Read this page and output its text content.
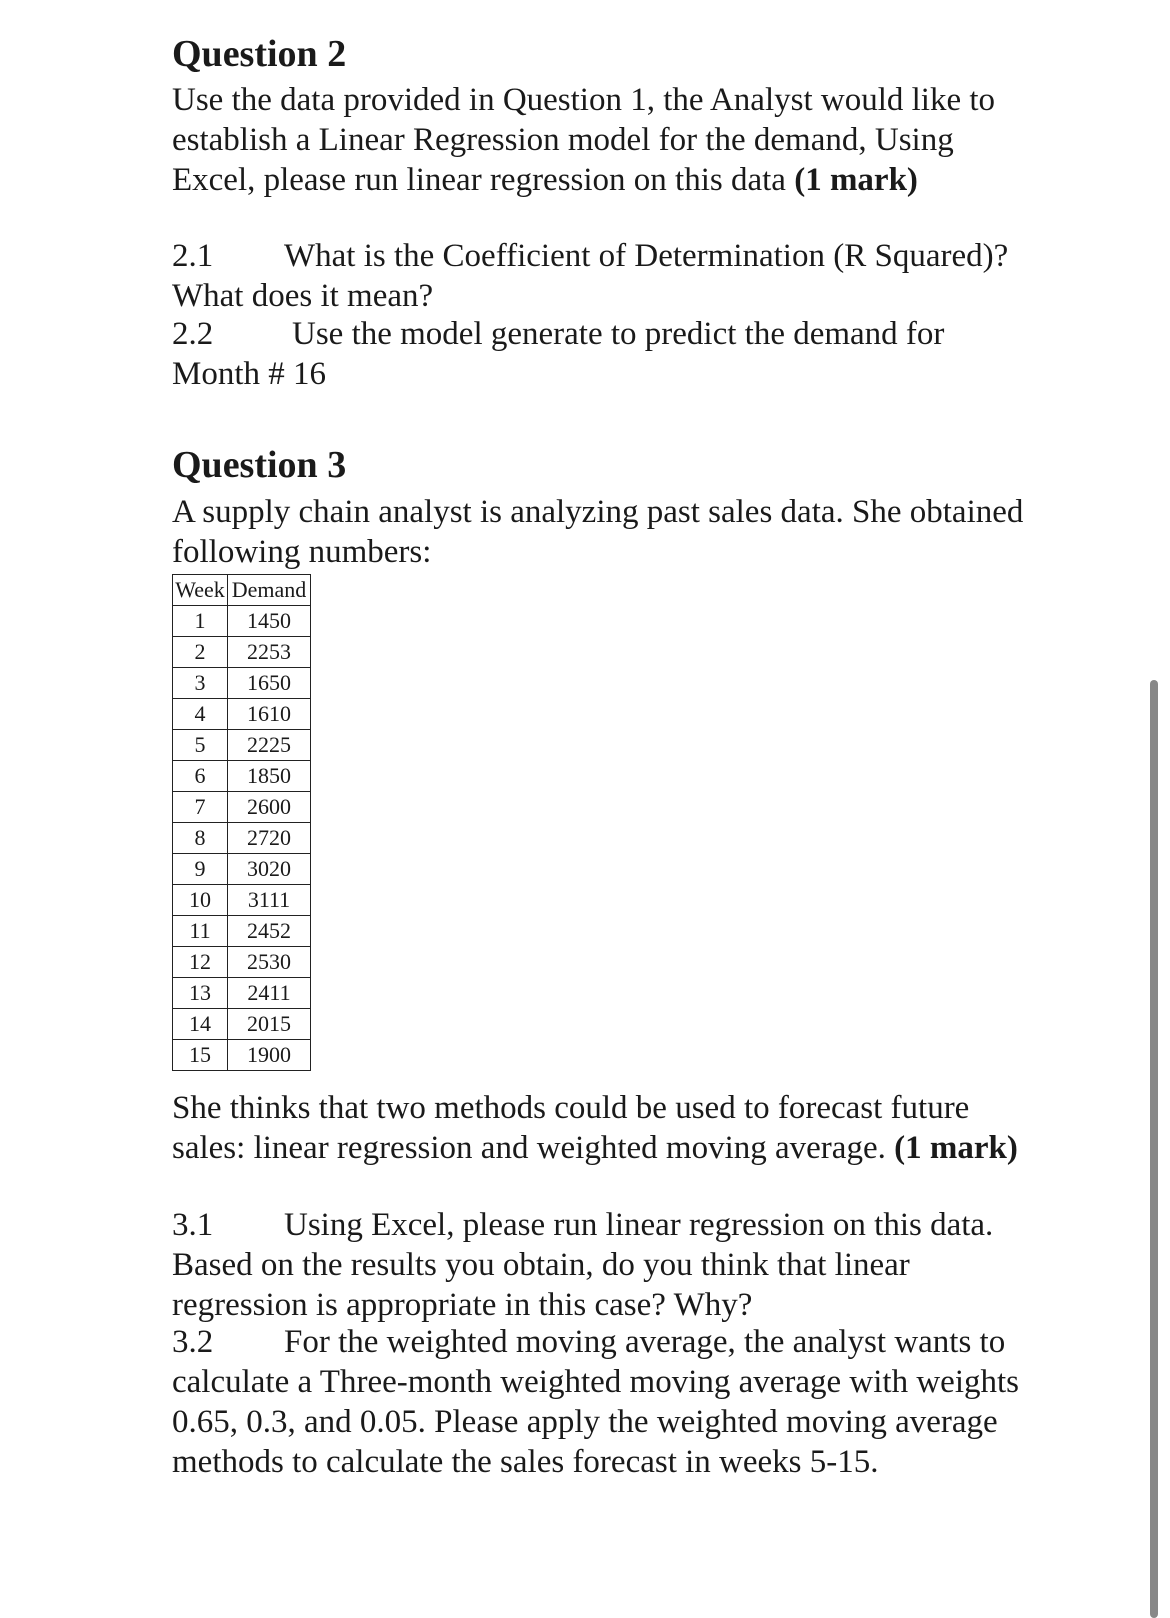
Question 2

Use the data provided in Question 1, the Analyst would like to
establish a Linear Regression model for the demand, Using
Excel, please run linear regression on this data (1 mark)

2.1 What is the Coefficient of Determination (R Squared)?
What does it mean?

2.2 Use the model generate to predict the demand for
Month # 16

Question 3

A supply chain analyst is analyzing past sales data. She obtained
following numbers:

Week	Demand
1	1450
2	2253
3	1650
4	1610
5	2225
6	1850
7	2600
8	2720
9	3020
10	3111
11	2452
12	2530
13	2411
14	2015
15	1900

She thinks that two methods could be used to forecast future
sales: linear regression and weighted moving average. (1 mark)

3.1 Using Excel, please run linear regression on this data.
Based on the results you obtain, do you think that linear
regression is appropriate in this case? Why?

3.2 For the weighted moving average, the analyst wants to
calculate a Three-month weighted moving average with weights
0.65, 0.3, and 0.05. Please apply the weighted moving average
methods to calculate the sales forecast in weeks 5-15.
